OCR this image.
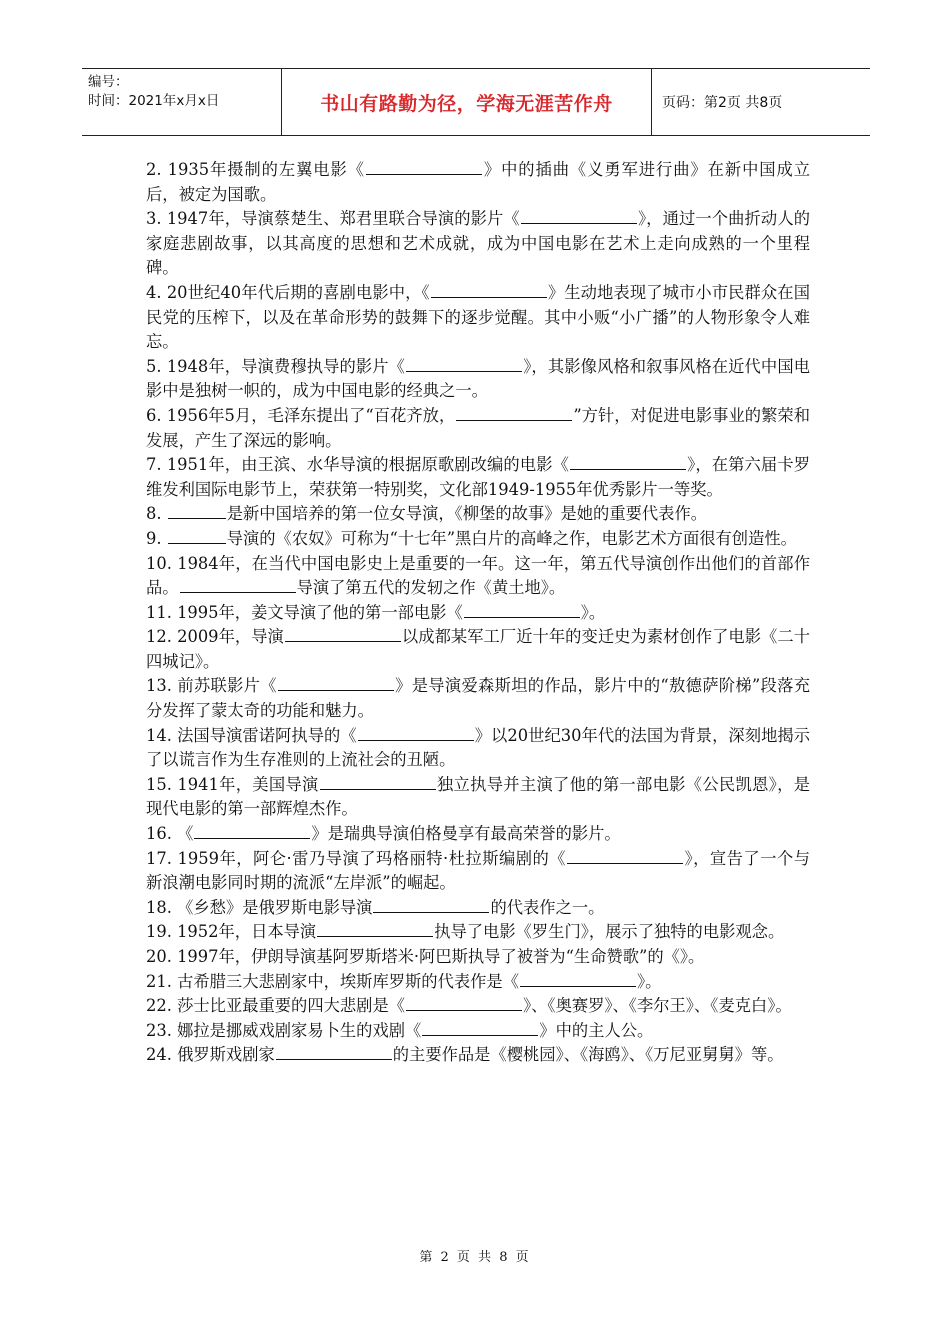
编号：
时间：2021年x月x日	书山有路勤为径，学海无涯苦作舟	页码：第2页 共8页

2. 1935年摄制的左翼电影《	》中的插曲《义勇军进行曲》在新中国成立后，被定为国歌。

3. 1947年，导演蔡楚生、郑君里联合导演的影片《	》，通过一个曲折动人的家庭悲剧故事，以其高度的思想和艺术成就，成为中国电影在艺术上走向成熟的一个里程碑。

4. 20世纪40年代后期的喜剧电影中，《	》生动地表现了城市小市民群众在国民党的压榨下，以及在革命形势的鼓舞下的逐步觉醒。其中小贩“小广播”的人物形象令人难忘。

5. 1948年，导演费穆执导的影片《	》，其影像风格和叙事风格在近代中国电影中是独树一帜的，成为中国电影的经典之一。

6. 1956年5月，毛泽东提出了“百花齐放，	”方针，对促进电影事业的繁荣和发展，产生了深远的影响。

7. 1951年，由王滨、水华导演的根据原歌剧改编的电影《	》，在第六届卡罗维发利国际电影节上，荣获第一特别奖，文化部1949-1955年优秀影片一等奖。

8.	是新中国培养的第一位女导演，《柳堡的故事》是她的重要代表作。

9.	导演的《农奴》可称为“十七年”黑白片的高峰之作，电影艺术方面很有创造性。

10. 1984年，在当代中国电影史上是重要的一年。这一年，第五代导演创作出他们的首部作品。	导演了第五代的发轫之作《黄土地》。

11. 1995年，姜文导演了他的第一部电影《	》。

12. 2009年，导演	以成都某军工厂近十年的变迁史为素材创作了电影《二十四城记》。

13. 前苏联影片《	》是导演爱森斯坦的作品，影片中的“敖德萨阶梯”段落充分发挥了蒙太奇的功能和魅力。

14. 法国导演雷诺阿执导的《	》以20世纪30年代的法国为背景，深刻地揭示了以谎言作为生存准则的上流社会的丑陋。

15. 1941年，美国导演	独立执导并主演了他的第一部电影《公民凯恩》，是现代电影的第一部辉煌杰作。

16. 《	》是瑞典导演伯格曼享有最高荣誉的影片。

17. 1959年，阿仑·雷乃导演了玛格丽特·杜拉斯编剧的《	》，宣告了一个与新浪潮电影同时期的流派“左岸派”的崛起。

18. 《乡愁》是俄罗斯电影导演	的代表作之一。

19. 1952年，日本导演	执导了电影《罗生门》，展示了独特的电影观念。

20. 1997年，伊朗导演基阿罗斯塔米·阿巴斯执导了被誉为“生命赞歌”的《》。

21. 古希腊三大悲剧家中，埃斯库罗斯的代表作是《	》。

22. 莎士比亚最重要的四大悲剧是《	》、《奥赛罗》、《李尔王》、《麦克白》。

23. 娜拉是挪威戏剧家易卜生的戏剧《	》中的主人公。

24. 俄罗斯戏剧家	的主要作品是《樱桃园》、《海鸥》、《万尼亚舅舅》等。

第 2 页 共 8 页
